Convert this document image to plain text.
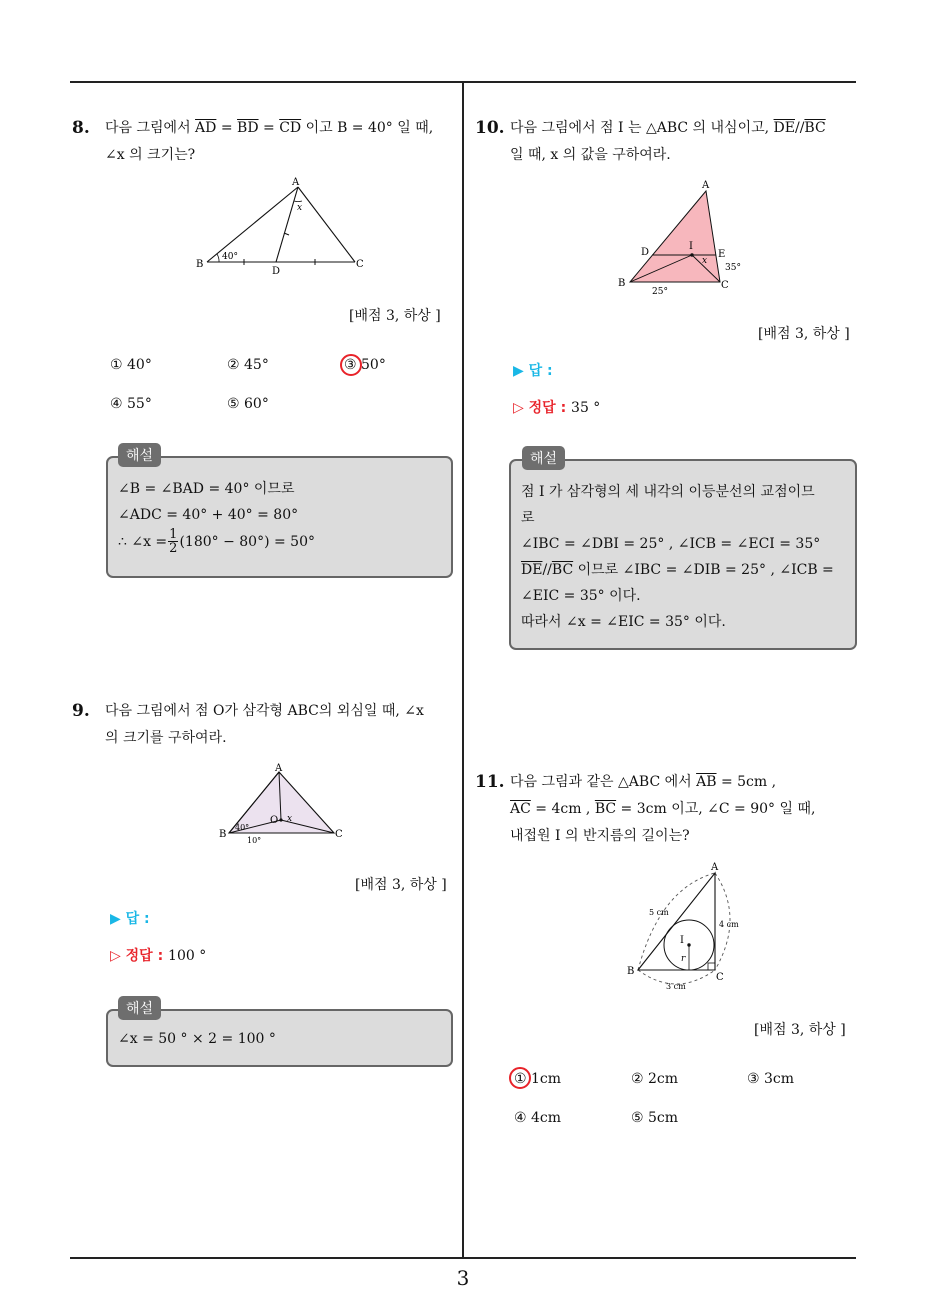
3
8. 다음 그림에서 $\overline{AD} = \overline{BD} = \overline{CD}$ 이고 B = 40° 일 때,
∠x 의 크기는?
A
B	C
D
40°
x
[배점 3, 하상 ]
① 40°	② 45°	③ 50°
④ 55°	⑤ 60°
∠B = ∠BAD = 40° 이므로
∠ADC = 40° + 40° = 80°
∴ ∠x = $\frac{1}{2} (180^\circ - 80^\circ) = 50^\circ$
해설
9. 다음 그림에서 점 O가 삼각형 ABC의 외심일 때, ∠x
의 크기를 구하여라.
A
B	C
O
40°
10°
x
[배점 3, 하상 ]
▶ 답 :
▷ 정답 : 100 °
∠x = 50 ° × 2 = 100 °
해설
10. 다음 그림에서 점 I 는 △ABC 의 내심이고, $\overline{DE}//\overline{BC}$
일 때, x 의 값을 구하여라.
A
B	C
D	E
I
25°
35°
x
[배점 3, 하상 ]
▶ 답 :
▷ 정답 : 35 °
점 I 가 삼각형의 세 내각의 이등분선의 교점이므
로
∠IBC = ∠DBI = 25° , ∠ICB = ∠ECI = 35°
$\overline{DE}//\overline{BC}$ 이므로 ∠IBC = ∠DIB = 25° , ∠ICB =
∠EIC = 35° 이다.
따라서 ∠x = ∠EIC = 35° 이다.
해설
11. 다음 그림과 같은 △ABC 에서 $\overline{AB} = 5cm$ ,
$\overline{AC} = 4cm$ , $\overline{BC} = 3cm$ 이고, ∠C = 90° 일 때,
내접원 I 의 반지름의 길이는?
A
B
C
I
r
5 cm
4 cm
3 cm
[배점 3, 하상 ]
① 1cm	② 2cm	③ 3cm
④ 4cm	⑤ 5cm
